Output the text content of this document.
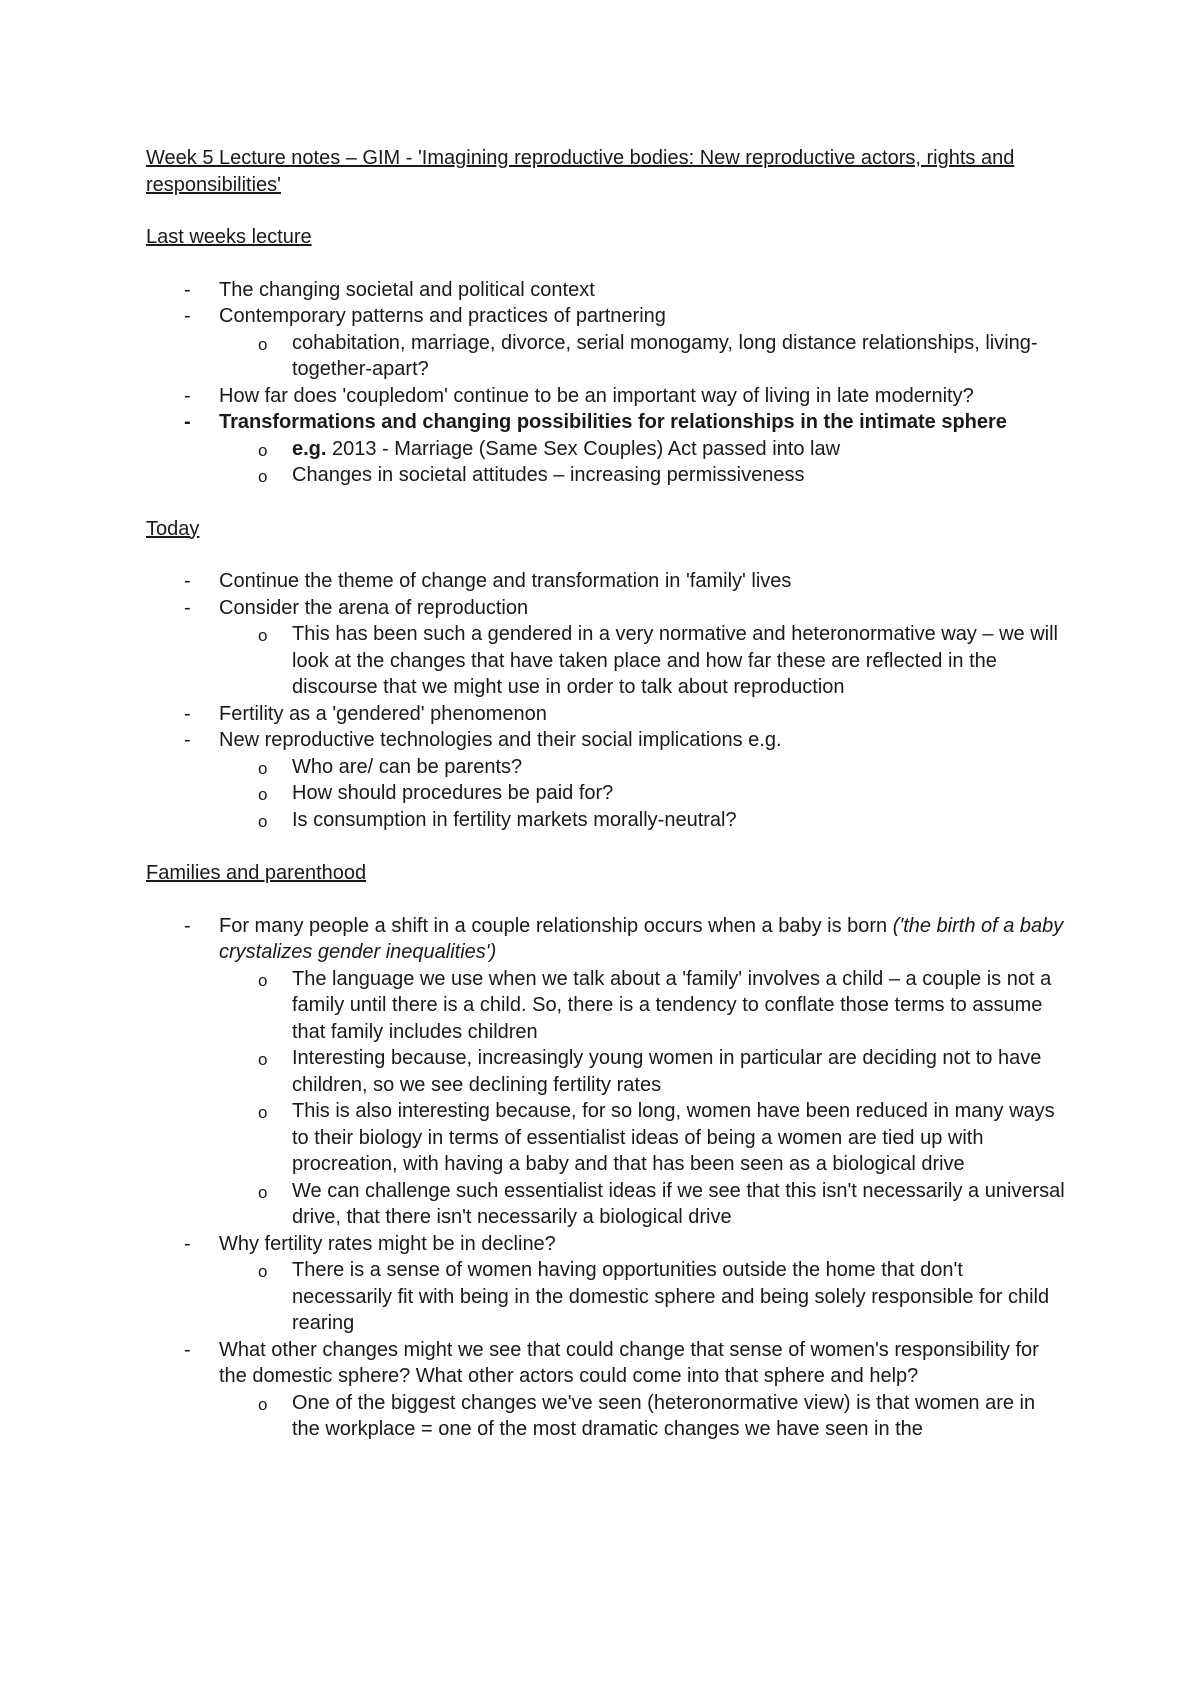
Week 5 Lecture notes – GIM - 'Imagining reproductive bodies: New reproductive actors, rights and responsibilities'

Last weeks lecture

- The changing societal and political context
- Contemporary patterns and practices of partnering
o cohabitation, marriage, divorce, serial monogamy, long distance relationships, living-together-apart?
- How far does 'coupledom' continue to be an important way of living in late modernity?
- Transformations and changing possibilities for relationships in the intimate sphere
o e.g. 2013 - Marriage (Same Sex Couples) Act passed into law
o Changes in societal attitudes – increasing permissiveness

Today

- Continue the theme of change and transformation in 'family' lives
- Consider the arena of reproduction
o This has been such a gendered in a very normative and heteronormative way – we will look at the changes that have taken place and how far these are reflected in the discourse that we might use in order to talk about reproduction
- Fertility as a 'gendered' phenomenon
- New reproductive technologies and their social implications e.g.
o Who are/ can be parents?
o How should procedures be paid for?
o Is consumption in fertility markets morally-neutral?

Families and parenthood

- For many people a shift in a couple relationship occurs when a baby is born ('the birth of a baby crystalizes gender inequalities')
o The language we use when we talk about a 'family' involves a child – a couple is not a family until there is a child. So, there is a tendency to conflate those terms to assume that family includes children
o Interesting because, increasingly young women in particular are deciding not to have children, so we see declining fertility rates
o This is also interesting because, for so long, women have been reduced in many ways to their biology in terms of essentialist ideas of being a women are tied up with procreation, with having a baby and that has been seen as a biological drive
o We can challenge such essentialist ideas if we see that this isn't necessarily a universal drive, that there isn't necessarily a biological drive
- Why fertility rates might be in decline?
o There is a sense of women having opportunities outside the home that don't necessarily fit with being in the domestic sphere and being solely responsible for child rearing
- What other changes might we see that could change that sense of women's responsibility for the domestic sphere? What other actors could come into that sphere and help?
o One of the biggest changes we've seen (heteronormative view) is that women are in the workplace = one of the most dramatic changes we have seen in the
